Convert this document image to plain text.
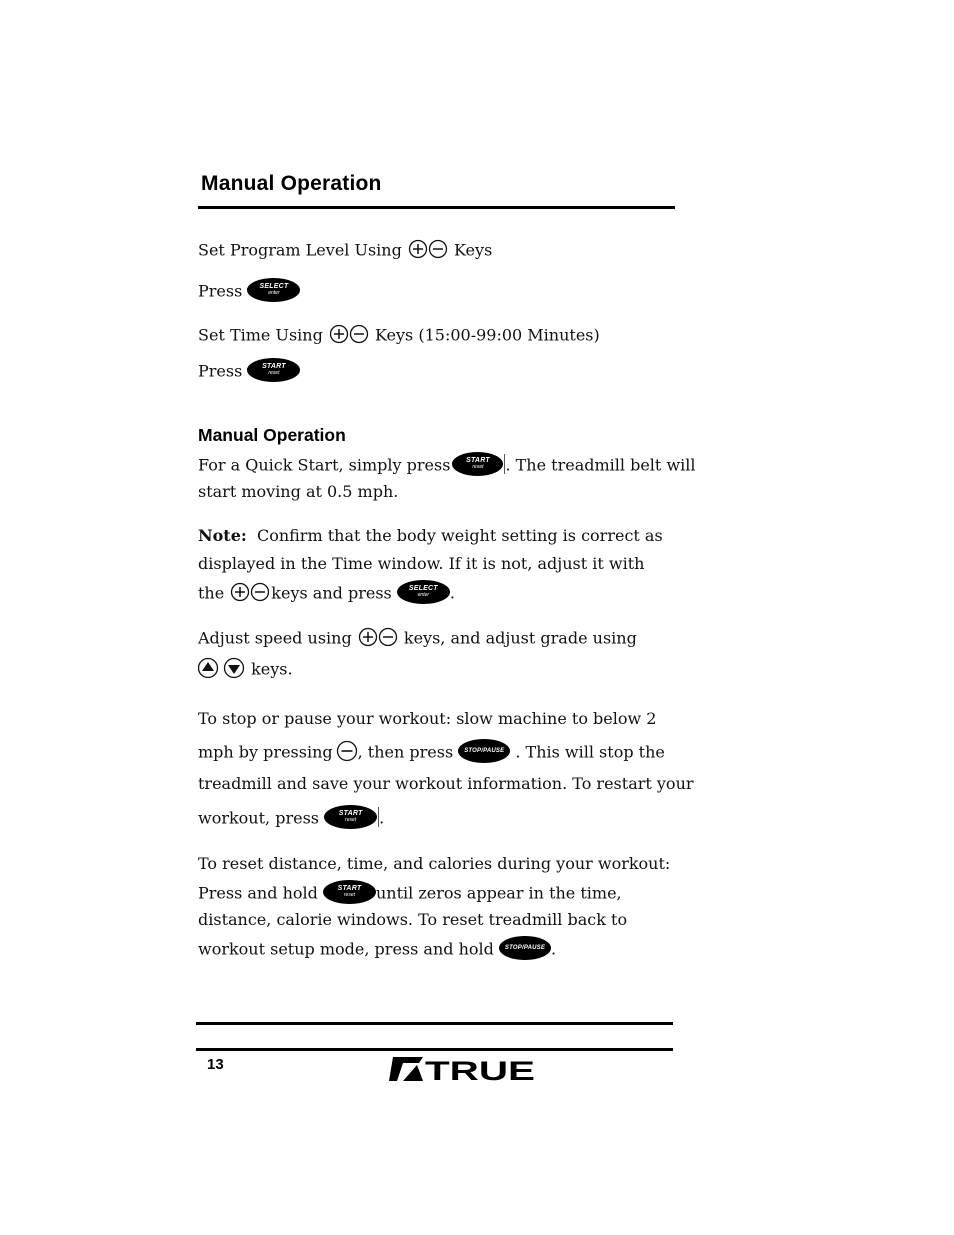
Manual Operation
Set Program Level Using	Keys
Press SELECT
enter
Set Time Using	Keys (15:00-99:00 Minutes)
Press	START
reset
Manual Operation
For a Quick Start, simply press START
reset . The treadmill belt will
start moving at 0.5 mph.
Note: Confirm that the body weight setting is correct as
displayed in the Time window. If it is not, adjust it with
the	keys and press SELECT
enter .
Adjust speed using	keys, and adjust grade using
keys.
To stop or pause your workout: slow machine to below 2
mph by pressing , then press STOP/PAUSE . This will stop the
treadmill and save your workout information. To restart your
workout, press	START
reset .
To reset distance, time, and calories during your workout:
Press and hold	START
reset until zeros appear in the time,
distance, calorie windows. To reset treadmill back to
workout setup mode, press and hold STOP/PAUSE .
13	TRUE
